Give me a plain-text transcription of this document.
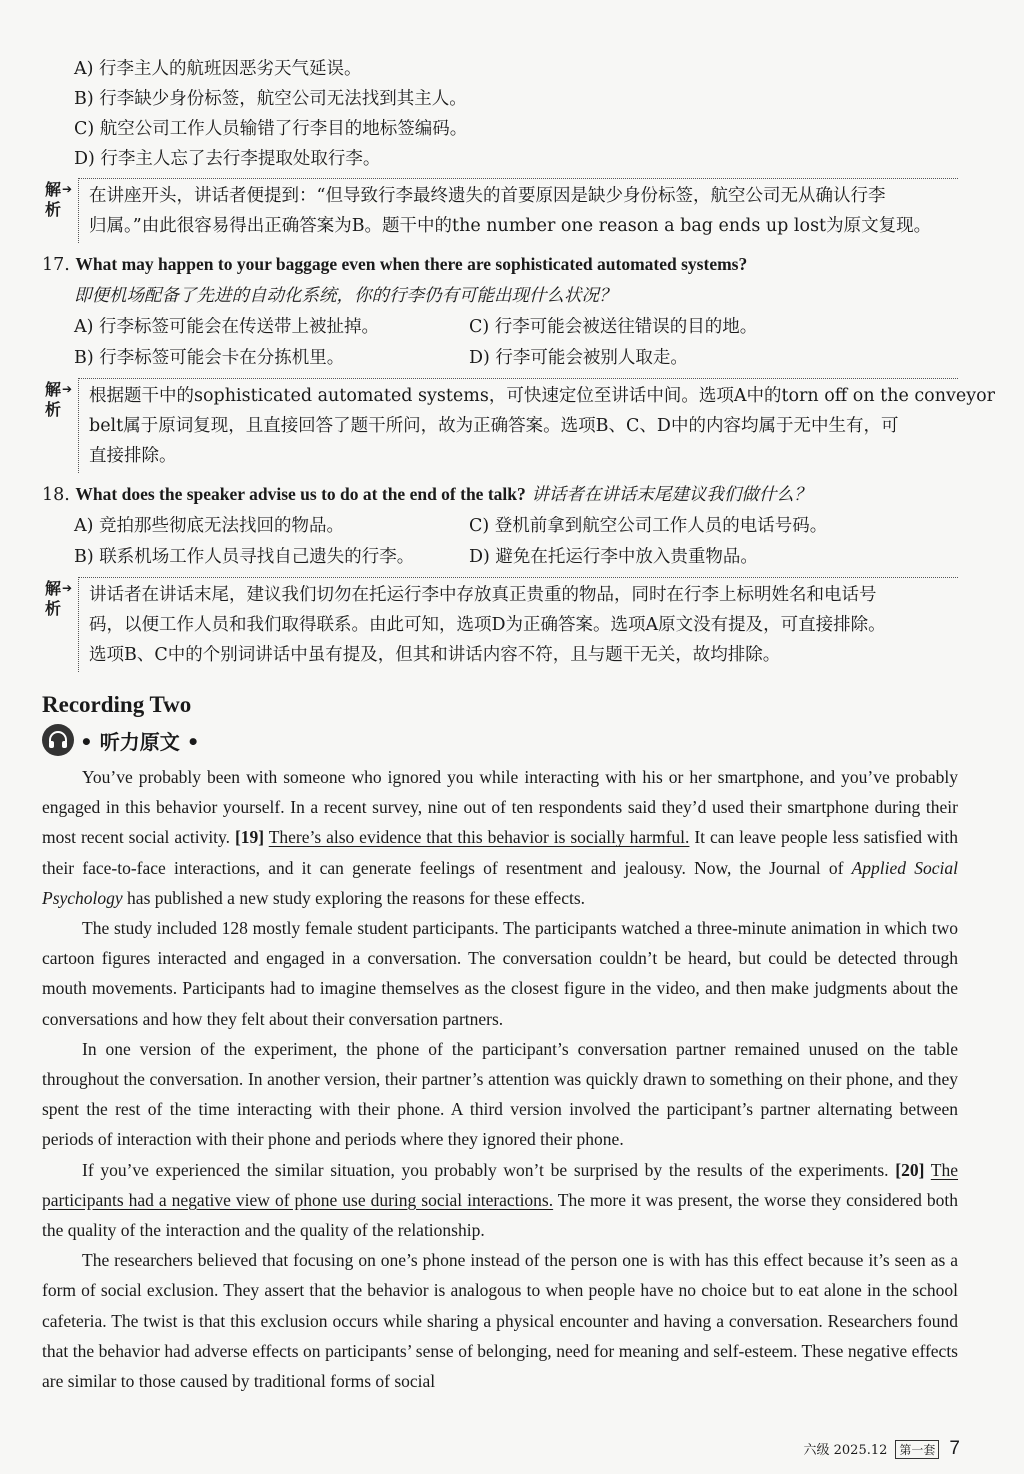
A) 行李主人的航班因恶劣天气延误。
B) 行李缺少身份标签，航空公司无法找到其主人。
C) 航空公司工作人员输错了行李目的地标签编码。
D) 行李主人忘了去行李提取处取行李。
解析
➔ 在讲座开头，讲话者便提到：“但导致行李最终遗失的首要原因是缺少身份标签，航空公司无从确认行李
归属。”由此很容易得出正确答案为B。题干中的the number one reason a bag ends up lost为原文复现。
17. What may happen to your baggage even when there are sophisticated automated systems?
即便机场配备了先进的自动化系统，你的行李仍有可能出现什么状况？
A) 行李标签可能会在传送带上被扯掉。	C) 行李可能会被送往错误的目的地。
B) 行李标签可能会卡在分拣机里。	D) 行李可能会被别人取走。
解析
➔ 根据题干中的sophisticated automated systems，可快速定位至讲话中间。选项A中的torn off on the conveyor
belt属于原词复现，且直接回答了题干所问，故为正确答案。选项B、C、D中的内容均属于无中生有，可
直接排除。
18. What does the speaker advise us to do at the end of the talk? 讲话者在讲话末尾建议我们做什么？
A) 竞拍那些彻底无法找回的物品。	C) 登机前拿到航空公司工作人员的电话号码。
B) 联系机场工作人员寻找自己遗失的行李。	D) 避免在托运行李中放入贵重物品。
解析
➔ 讲话者在讲话末尾，建议我们切勿在托运行李中存放真正贵重的物品，同时在行李上标明姓名和电话号
码，以便工作人员和我们取得联系。由此可知，选项D为正确答案。选项A原文没有提及，可直接排除。
选项B、C中的个别词讲话中虽有提及，但其和讲话内容不符，且与题干无关，故均排除。
Recording Two
• 听力原文 •

You’ve probably been with someone who ignored you while interacting with his or her smartphone, and you’ve probably engaged in this behavior yourself. In a recent survey, nine out of ten respondents said they’d used their smartphone during their most recent social activity. [19] There’s also evidence that this behavior is socially harmful. It can leave people less satisfied with their face-to-face interactions, and it can generate feelings of resentment and jealousy. Now, the Journal of Applied Social Psychology has published a new study exploring the reasons for these effects.

The study included 128 mostly female student participants. The participants watched a three-minute animation in which two cartoon figures interacted and engaged in a conversation. The conversation couldn’t be heard, but could be detected through mouth movements. Participants had to imagine themselves as the closest figure in the video, and then make judgments about the conversations and how they felt about their conversation partners.

In one version of the experiment, the phone of the participant’s conversation partner remained unused on the table throughout the conversation. In another version, their partner’s attention was quickly drawn to something on their phone, and they spent the rest of the time interacting with their phone. A third version involved the participant’s partner alternating between periods of interaction with their phone and periods where they ignored their phone.

If you’ve experienced the similar situation, you probably won’t be surprised by the results of the experiments. [20] The participants had a negative view of phone use during social interactions. The more it was present, the worse they considered both the quality of the interaction and the quality of the relationship.

The researchers believed that focusing on one’s phone instead of the person one is with has this effect because it’s seen as a form of social exclusion. They assert that the behavior is analogous to when people have no choice but to eat alone in the school cafeteria. The twist is that this exclusion occurs while sharing a physical encounter and having a conversation. Researchers found that the behavior had adverse effects on participants’ sense of belonging, need for meaning and self-esteem. These negative effects are similar to those caused by traditional forms of social

六级 2025.12	第一套 7
